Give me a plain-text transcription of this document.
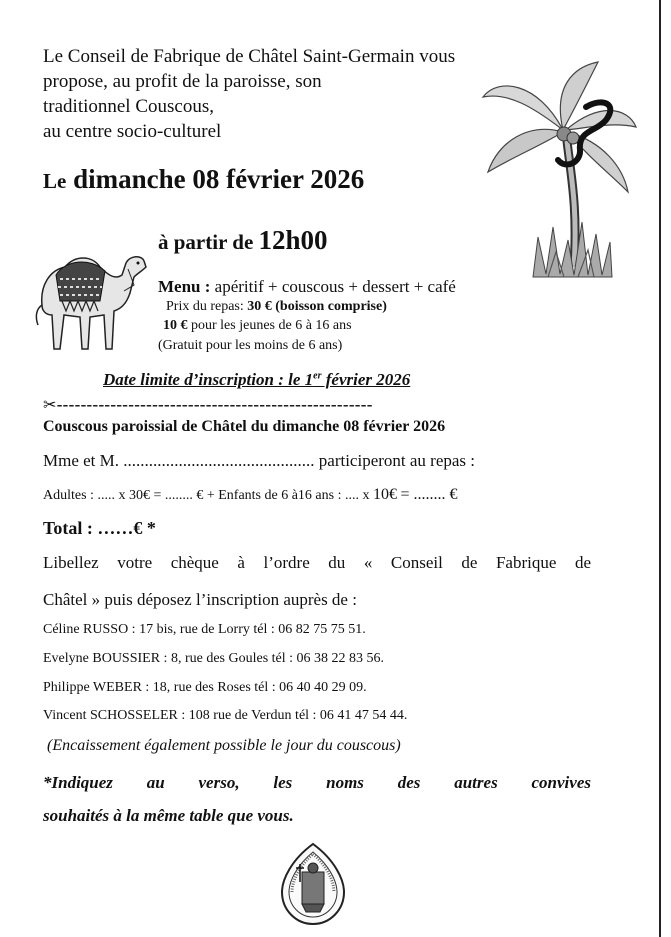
Le Conseil de Fabrique de Châtel Saint-Germain vous
propose, au profit de la paroisse, son
traditionnel Couscous,
au centre socio-culturel
Le dimanche 08 février 2026
à partir de 12h00
Menu : apéritif + couscous + dessert + café
Prix du repas: 30 € (boisson comprise)
10 € pour les jeunes de 6 à 16 ans
(Gratuit pour les moins de 6 ans)
Date limite d’inscription : le 1er février 2026
✂-----------------------------------------------------
Couscous paroissial de Châtel du dimanche 08 février 2026
Mme et M. ............................................. participeront au repas :
Adultes : ..... x 30€ = ........ € + Enfants de 6 à16 ans : .... x 10€ = ........ €
Total : ……€ *
Libellez votre chèque à l’ordre du « Conseil de Fabrique de
Châtel » puis déposez l’inscription auprès de :
Céline RUSSO : 17 bis, rue de Lorry tél : 06 82 75 75 51.
Evelyne BOUSSIER : 8, rue des Goules tél : 06 38 22 83 56.
Philippe WEBER : 18, rue des Roses tél : 06 40 40 29 09.
Vincent SCHOSSELER : 108 rue de Verdun tél : 06 41 47 54 44.
(Encaissement également possible le jour du couscous)
*Indiquez au verso, les noms des autres convives
souhaités à la même table que vous.
